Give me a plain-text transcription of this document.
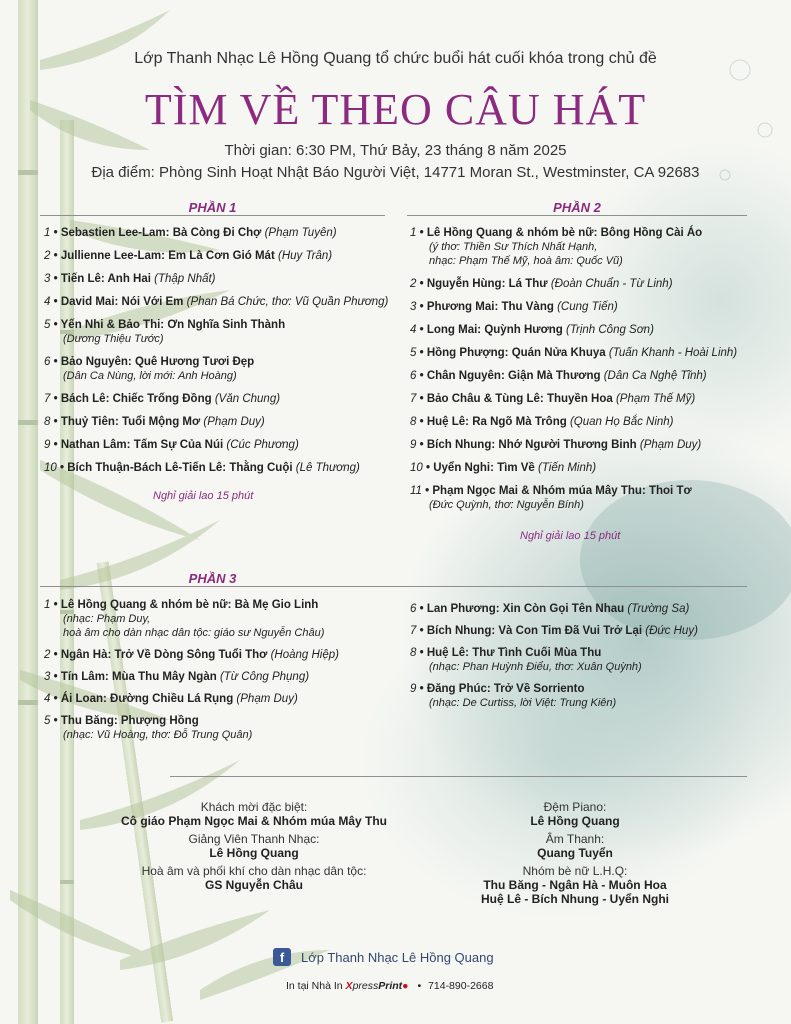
Lớp Thanh Nhạc Lê Hồng Quang tổ chức buổi hát cuối khóa trong chủ đề
TÌM VỀ THEO CÂU HÁT
Thời gian: 6:30 PM, Thứ Bảy, 23 tháng 8 năm 2025
Địa điểm: Phòng Sinh Hoạt Nhật Báo Người Việt, 14771 Moran St., Westminster, CA 92683
PHẦN 1
1 • Sebastien Lee-Lam: Bà Còng Đi Chợ (Phạm Tuyên)
2 • Jullienne Lee-Lam: Em Là Cơn Gió Mát (Huy Trân)
3 • Tiến Lê: Anh Hai (Thập Nhất)
4 • David Mai: Nói Với Em (Phan Bá Chức, thơ: Vũ Quần Phương)
5 • Yến Nhi & Bảo Thi: Ơn Nghĩa Sinh Thành
(Dương Thiệu Tước)
6 • Bảo Nguyên: Quê Hương Tươi Đẹp
(Dân Ca Nùng, lời mới: Anh Hoàng)
7 • Bách Lê: Chiếc Trống Đồng (Văn Chung)
8 • Thuỷ Tiên: Tuổi Mộng Mơ (Phạm Duy)
9 • Nathan Lâm: Tấm Sự Của Núi (Cúc Phương)
10 • Bích Thuận-Bách Lê-Tiến Lê: Thằng Cuội (Lê Thương)
Nghỉ giải lao 15 phút
PHẦN 2
1 • Lê Hồng Quang & nhóm bè nữ: Bông Hồng Cài Áo
(ý thơ: Thiền Sư Thích Nhất Hạnh,
nhạc: Phạm Thế Mỹ, hoà âm: Quốc Vũ)
2 • Nguyễn Hùng: Lá Thư (Đoàn Chuẩn - Từ Linh)
3 • Phương Mai: Thu Vàng (Cung Tiến)
4 • Long Mai: Quỳnh Hương (Trịnh Công Sơn)
5 • Hồng Phượng: Quán Nửa Khuya (Tuấn Khanh - Hoài Linh)
6 • Chân Nguyên: Giận Mà Thương (Dân Ca Nghệ Tĩnh)
7 • Bảo Châu & Tùng Lê: Thuyền Hoa (Phạm Thế Mỹ)
8 • Huệ Lê: Ra Ngõ Mà Trông (Quan Họ Bắc Ninh)
9 • Bích Nhung: Nhớ Người Thương Binh (Phạm Duy)
10 • Uyển Nghi: Tìm Về (Tiến Minh)
11 • Phạm Ngọc Mai & Nhóm múa Mây Thu: Thoi Tơ
(Đức Quỳnh, thơ: Nguyễn Bính)
Nghỉ giải lao 15 phút
PHẦN 3
1 • Lê Hồng Quang & nhóm bè nữ: Bà Mẹ Gio Linh
(nhạc: Phạm Duy,
hoà âm cho dàn nhạc dân tộc: giáo sư Nguyễn Châu)
2 • Ngân Hà: Trở Về Dòng Sông Tuổi Thơ (Hoàng Hiệp)
3 • Tín Lâm: Mùa Thu Mây Ngàn (Từ Công Phụng)
4 • Ái Loan: Đường Chiều Lá Rụng (Phạm Duy)
5 • Thu Băng: Phượng Hồng
(nhạc: Vũ Hoàng, thơ: Đỗ Trung Quân)
6 • Lan Phương: Xin Còn Gọi Tên Nhau (Trường Sa)
7 • Bích Nhung: Và Con Tim Đã Vui Trở Lại (Đức Huy)
8 • Huệ Lê: Thư Tình Cuối Mùa Thu
(nhạc: Phan Huỳnh Điểu, thơ: Xuân Quỳnh)
9 • Đăng Phúc: Trở Về Sorriento
(nhạc: De Curtiss, lời Việt: Trung Kiên)
Khách mời đặc biệt:
Cô giáo Phạm Ngọc Mai & Nhóm múa Mây Thu
Giảng Viên Thanh Nhạc:
Lê Hồng Quang
Hoà âm và phối khí cho dàn nhạc dân tộc:
GS Nguyễn Châu
Đệm Piano:
Lê Hồng Quang
Âm Thanh:
Quang Tuyển
Nhóm bè nữ L.H.Q:
Thu Băng - Ngân Hà - Muôn Hoa
Huệ Lê - Bích Nhung - Uyển Nghi
f	Lớp Thanh Nhạc Lê Hồng Quang
In tại Nhà In XpressPrint● • 714-890-2668
